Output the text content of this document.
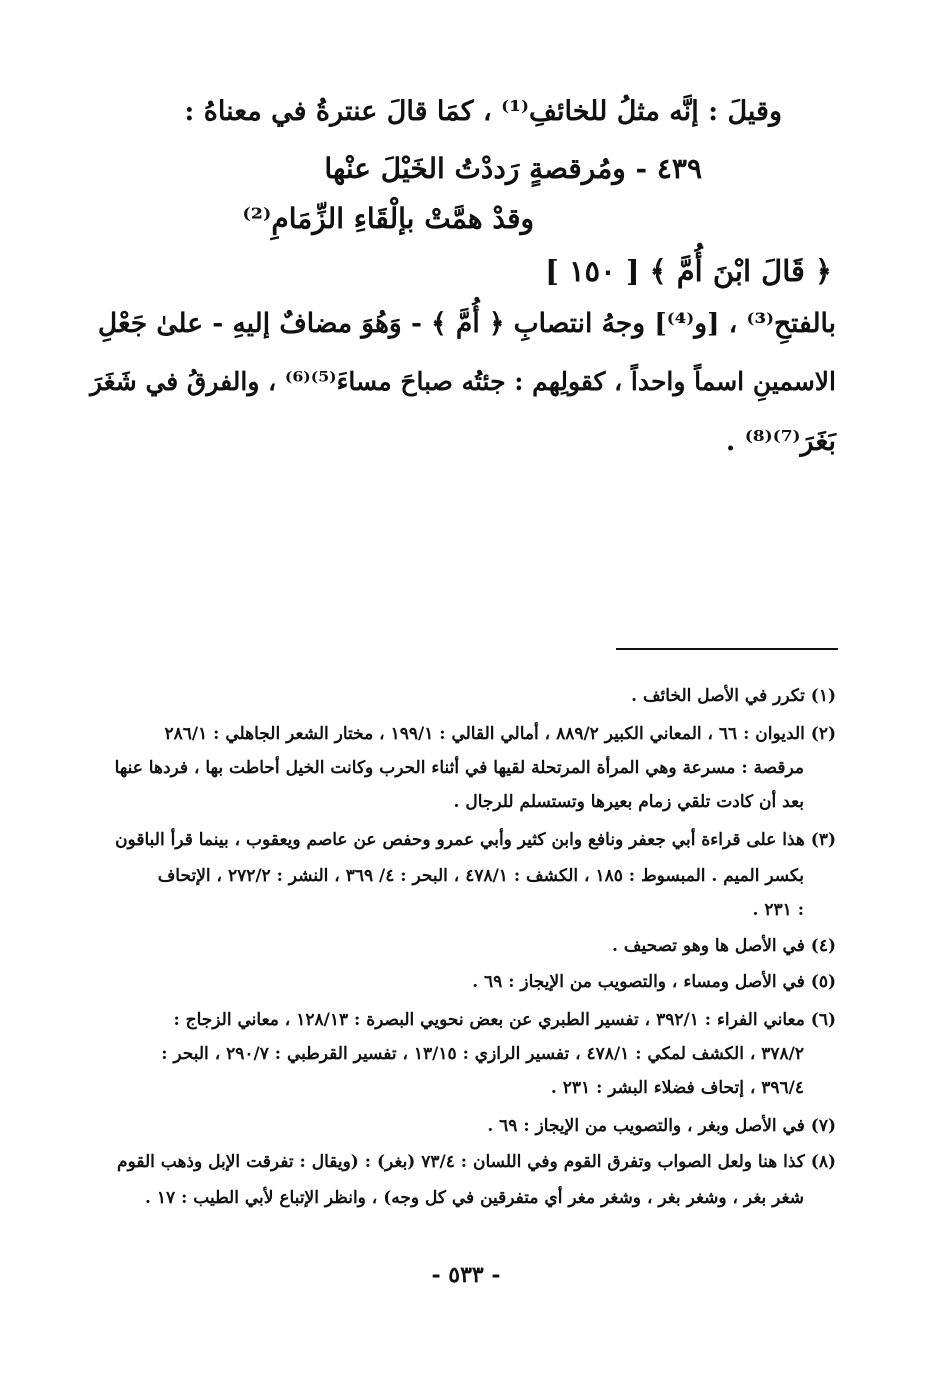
وقيلَ : إنَّه مثلُ للخائفِ⁽¹⁾ ، كمَا قالَ عنترةُ في معناهُ :
٤٣٩ - ومُرقصةٍ رَددْتُ الخَيْلَ عنْها
وقدْ همَّتْ بإلْقَاءِ الزِّمَامِ⁽²⁾
﴿ قَالَ ابْنَ أُمَّ ﴾ [ ١٥٠ ]
بالفتحِ⁽³⁾ ، [و⁽⁴⁾] وجهُ انتصابِ ﴿ أُمَّ ﴾ - وَهُوَ مضافٌ إليهِ - علىٰ جَعْلِ
الاسمينِ اسماً واحداً ، كقولِهم : جئتُه صباحَ مساءَ⁽⁵⁾⁽⁶⁾ ، والفرقُ في شَغَرَ
بَغَرَ⁽⁷⁾⁽⁸⁾ .
(١) تكرر في الأصل الخائف .
(٢) الديوان : ٦٦ ، المعاني الكبير ٨٨٩/٢ ، أمالي القالي : ١٩٩/١ ، مختار الشعر الجاهلي : ٢٨٦/١
مرقصة : مسرعة وهي المرأة المرتحلة لقيها في أثناء الحرب وكانت الخيل أحاطت بها ، فردها عنها
بعد أن كادت تلقي زمام بعيرها وتستسلم للرجال .
(٣) هذا على قراءة أبي جعفر ونافع وابن كثير وأبي عمرو وحفص عن عاصم ويعقوب ، بينما قرأ الباقون
بكسر الميم . المبسوط : ١٨٥ ، الكشف : ٤٧٨/١ ، البحر : ٤/ ٣٦٩ ، النشر : ٢٧٢/٢ ، الإتحاف
: ٢٣١ .
(٤) في الأصل ها وهو تصحيف .
(٥) في الأصل ومساء ، والتصويب من الإيجاز : ٦٩ .
(٦) معاني الفراء : ٣٩٢/١ ، تفسير الطبري عن بعض نحويي البصرة : ١٢٨/١٣ ، معاني الزجاج :
٣٧٨/٢ ، الكشف لمكي : ٤٧٨/١ ، تفسير الرازي : ١٣/١٥ ، تفسير القرطبي : ٢٩٠/٧ ، البحر :
٣٩٦/٤ ، إتحاف فضلاء البشر : ٢٣١ .
(٧) في الأصل وبغر ، والتصويب من الإيجاز : ٦٩ .
(٨) كذا هنا ولعل الصواب وتفرق القوم وفي اللسان : ٧٣/٤ (بغر) : (ويقال : تفرقت الإبل وذهب القوم
شغر بغر ، وشغر بغر ، وشغر مغر أي متفرقين في كل وجه) ، وانظر الإتباع لأبي الطيب : ١٧ .
- ٥٣٣ -
